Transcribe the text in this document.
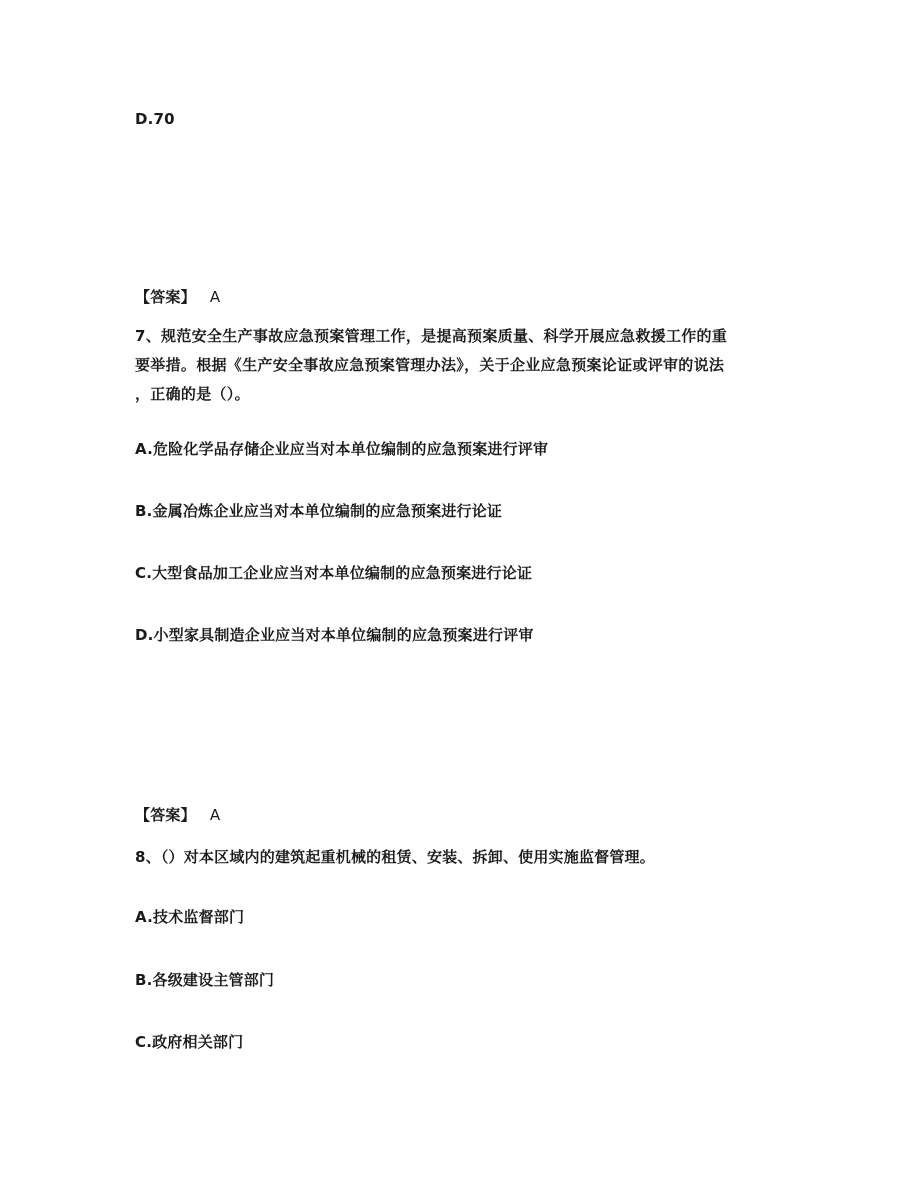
D.70
【答案】 A
7、规范安全生产事故应急预案管理工作，是提高预案质量、科学开展应急救援工作的重
要举措。根据《生产安全事故应急预案管理办法》，关于企业应急预案论证或评审的说法
，正确的是（）。
A.危险化学品存储企业应当对本单位编制的应急预案进行评审
B.金属冶炼企业应当对本单位编制的应急预案进行论证
C.大型食品加工企业应当对本单位编制的应急预案进行论证
D.小型家具制造企业应当对本单位编制的应急预案进行评审
【答案】 A
8、（）对本区域内的建筑起重机械的租赁、安装、拆卸、使用实施监督管理。
A.技术监督部门
B.各级建设主管部门
C.政府相关部门
